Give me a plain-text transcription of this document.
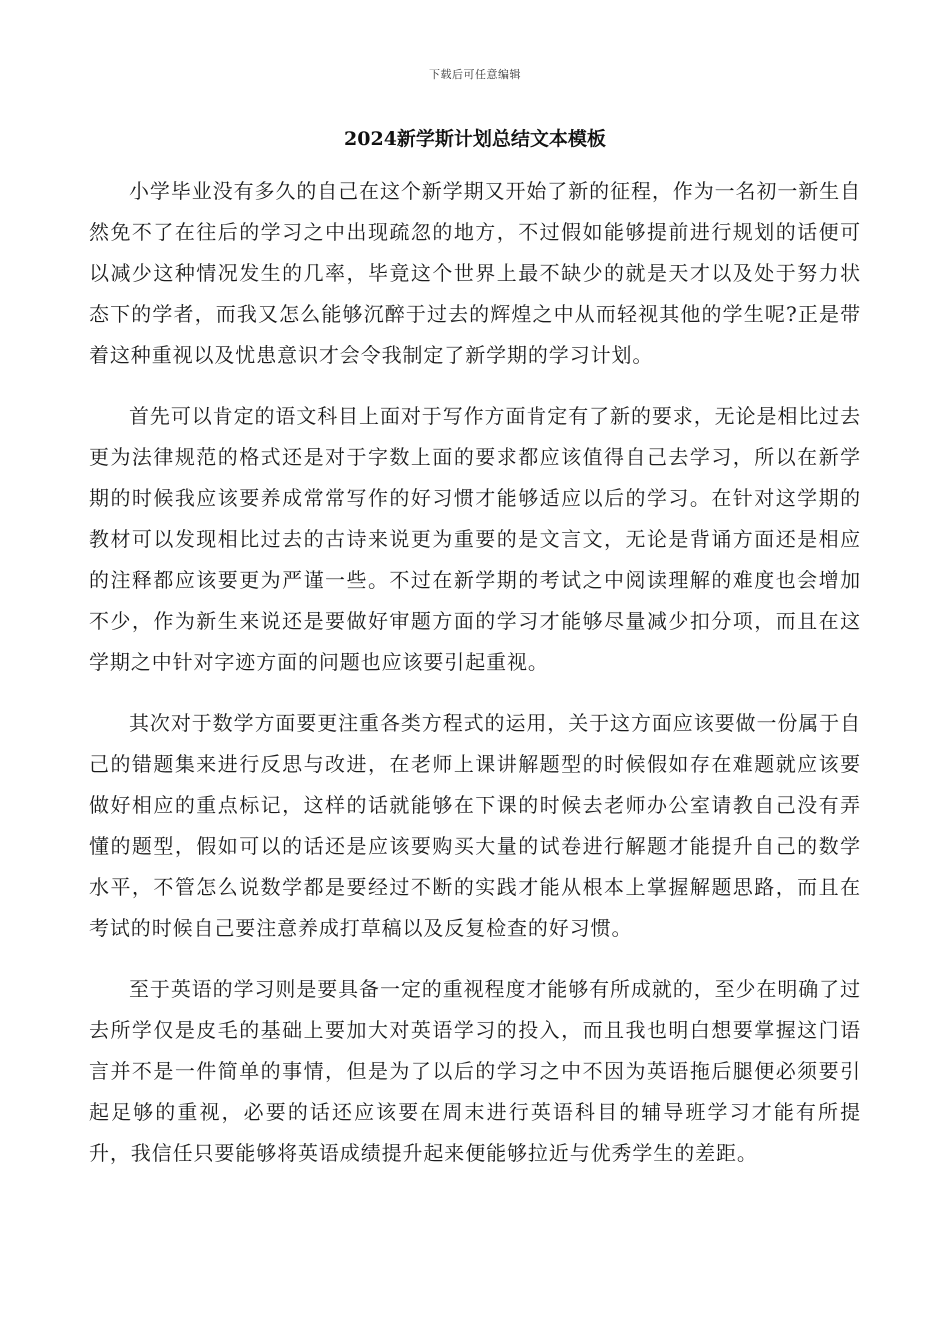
下载后可任意编辑
2024新学斯计划总结文本模板

小学毕业没有多久的自己在这个新学期又开始了新的征程，作为一名初一新生自然免不了在往后的学习之中出现疏忽的地方，不过假如能够提前进行规划的话便可以减少这种情况发生的几率，毕竟这个世界上最不缺少的就是天才以及处于努力状态下的学者，而我又怎么能够沉醉于过去的辉煌之中从而轻视其他的学生呢?正是带着这种重视以及忧患意识才会令我制定了新学期的学习计划。

首先可以肯定的语文科目上面对于写作方面肯定有了新的要求，无论是相比过去更为法律规范的格式还是对于字数上面的要求都应该值得自己去学习，所以在新学期的时候我应该要养成常常写作的好习惯才能够适应以后的学习。在针对这学期的教材可以发现相比过去的古诗来说更为重要的是文言文，无论是背诵方面还是相应的注释都应该要更为严谨一些。不过在新学期的考试之中阅读理解的难度也会增加不少，作为新生来说还是要做好审题方面的学习才能够尽量减少扣分项，而且在这学期之中针对字迹方面的问题也应该要引起重视。

其次对于数学方面要更注重各类方程式的运用，关于这方面应该要做一份属于自己的错题集来进行反思与改进，在老师上课讲解题型的时候假如存在难题就应该要做好相应的重点标记，这样的话就能够在下课的时候去老师办公室请教自己没有弄懂的题型，假如可以的话还是应该要购买大量的试卷进行解题才能提升自己的数学水平，不管怎么说数学都是要经过不断的实践才能从根本上掌握解题思路，而且在考试的时候自己要注意养成打草稿以及反复检查的好习惯。

至于英语的学习则是要具备一定的重视程度才能够有所成就的，至少在明确了过去所学仅是皮毛的基础上要加大对英语学习的投入，而且我也明白想要掌握这门语言并不是一件简单的事情，但是为了以后的学习之中不因为英语拖后腿便必须要引起足够的重视，必要的话还应该要在周末进行英语科目的辅导班学习才能有所提升，我信任只要能够将英语成绩提升起来便能够拉近与优秀学生的差距。
